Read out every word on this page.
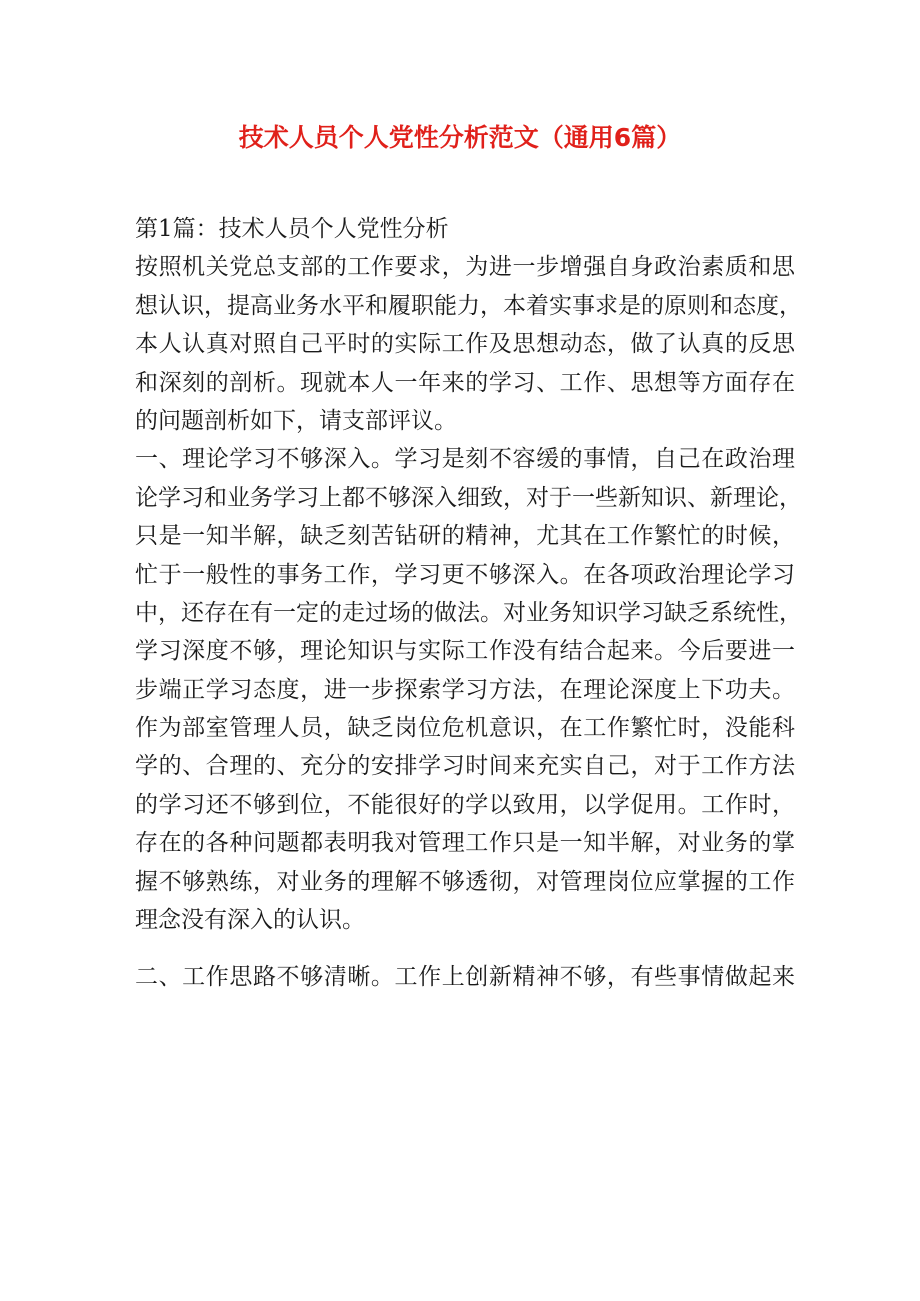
技术人员个人党性分析范文（通用6篇）
第1篇：技术人员个人党性分析
按照机关党总支部的工作要求，为进一步增强自身政治素质和思
想认识，提高业务水平和履职能力，本着实事求是的原则和态度，
本人认真对照自己平时的实际工作及思想动态，做了认真的反思
和深刻的剖析。现就本人一年来的学习、工作、思想等方面存在
的问题剖析如下，请支部评议。
一、理论学习不够深入。学习是刻不容缓的事情，自己在政治理
论学习和业务学习上都不够深入细致，对于一些新知识、新理论，
只是一知半解，缺乏刻苦钻研的精神，尤其在工作繁忙的时候，
忙于一般性的事务工作，学习更不够深入。在各项政治理论学习
中，还存在有一定的走过场的做法。对业务知识学习缺乏系统性，
学习深度不够，理论知识与实际工作没有结合起来。今后要进一
步端正学习态度，进一步探索学习方法，在理论深度上下功夫。
作为部室管理人员，缺乏岗位危机意识，在工作繁忙时，没能科
学的、合理的、充分的安排学习时间来充实自己，对于工作方法
的学习还不够到位，不能很好的学以致用，以学促用。工作时，
存在的各种问题都表明我对管理工作只是一知半解，对业务的掌
握不够熟练，对业务的理解不够透彻，对管理岗位应掌握的工作
理念没有深入的认识。
二、工作思路不够清晰。工作上创新精神不够，有些事情做起来
